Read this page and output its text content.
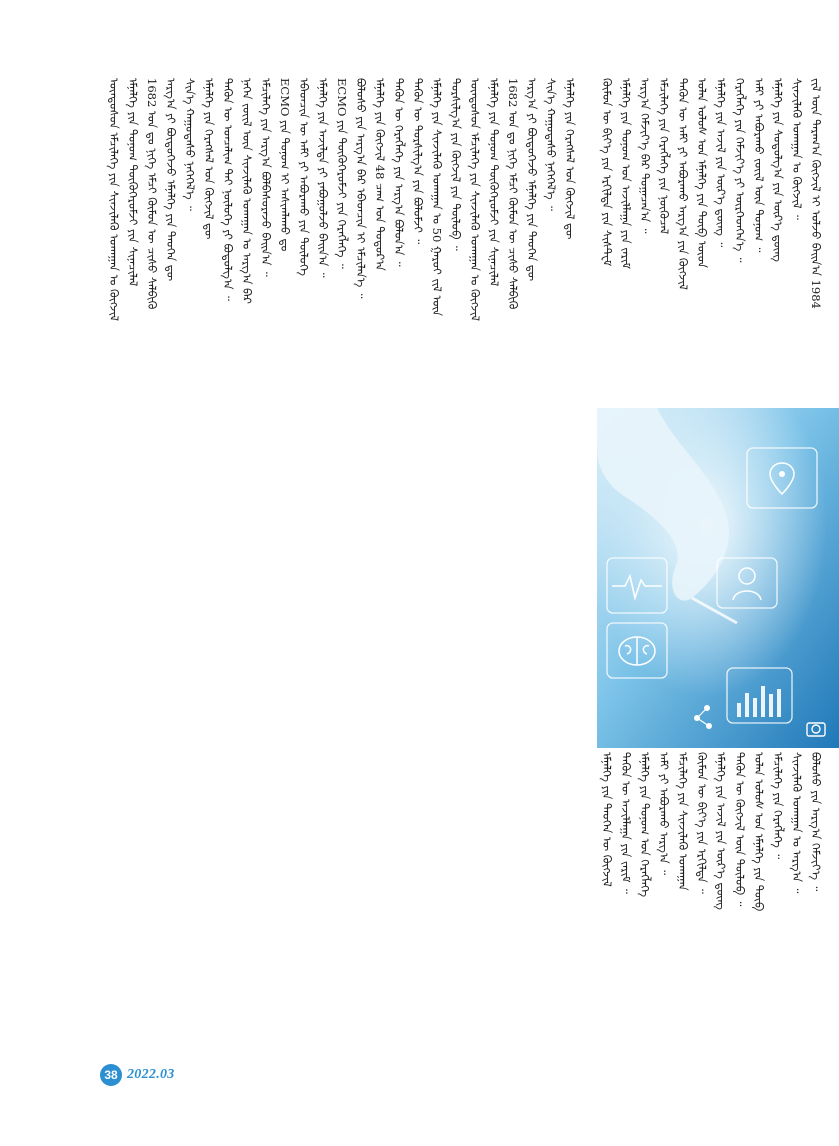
ᠦᠨᠳᠦᠰᠦᠨ ᠡᠮᠴᠢᠯᠡᠭᠡ ᠶᠢᠨ ᠰᠢᠨᠵᠢᠯᠡᠬᠦ ᠤᠬᠠᠭᠠᠨ ᠤ ᠬᠥᠭᠵᠢᠯ ᠡᠮᠨᠡᠯᠭᠡ ᠶᠢᠨ ᠲᠣᠨᠣᠭ ᠲᠥᠬᠦᠭᠡᠷᠦᠮᠵᠢ ᠶᠢᠨ ᠰᠢᠨᠡᠴᠢᠯᠡᠯ 1682 ᠣᠨ ᠳᠤ ᠨᠢᠭᠡ ᠡᠮᠴᠢ ᠬᠦᠮᠦᠨ ᠦ ᠴᠢᠰᠤ ᠰᠡᠯᠪᠢᠬᠦ ᠠᠷᠭ᠎ᠠ ᠶᠢ ᠪᠦᠲᠦᠭᠡᠵᠦ ᠡᠮᠨᠡᠯᠭᠡ ᠶᠢᠨ ᠲᠡᠦᠬᠡᠨ ᠳᠦ ᠰᠢᠨ᠎ᠡ ᠬᠠᠭᠤᠳᠠᠰᠤ ᠨᠡᠭᠡᠭᠡᠯ᠎ᠡ ᠃ ᠡᠮᠨᠡᠯᠭᠡ ᠶᠢᠨ ᠬᠡᠷᠡᠭᠰᠡᠯ ᠤᠨ ᠬᠥᠭᠵᠢᠯ ᠳᠦ ᠲᠡᠭᠦᠨ ᠦ ᠣᠨᠴᠠᠯᠢᠭ ᠲᠠᠢ ᠨᠥᠯᠦᠭᠡ ᠶᠢ ᠪᠣᠳᠣᠯᠭ᠎ᠠ ᠃ ᠨᠡᠭᠡᠨ ᠵᠦᠢᠯ ᠦᠨ ᠰᠢᠨᠵᠢᠯᠡᠬᠦ ᠤᠬᠠᠭᠠᠨ ᠤ ᠠᠷᠭ᠎ᠠ ᠪᠠᠷ ᠡᠮᠴᠢᠯᠡᠭᠡ ᠶᠢᠨ ᠠᠷᠭ᠎ᠠ ᠪᠣᠯᠪᠠᠰᠤᠷᠠᠵᠤ ᠪᠠᠢᠨ᠎ᠠ ᠃ ECMO ᠶᠢᠨ ᠲᠣᠨᠣᠭ ᠢ ᠠᠰᠢᠭᠯᠠᠬᠤ ᠳᠤ ᠡᠪᠡᠳᠴᠢᠨ ᠦ ᠠᠮᠢ ᠶᠢ ᠠᠪᠤᠷᠠᠬᠤ ᠶᠢᠨ ᠲᠥᠯᠦᠭᠡ ᠡᠮᠨᠡᠯᠭᠡ ᠶᠢᠨ ᠠᠵᠢᠯᠳᠠ ᠶᠢ ᠶᠠᠪᠤᠭᠤᠯᠵᠤ ᠪᠠᠢᠨ᠎ᠠ ᠃ ECMO ᠶᠢᠨ ᠲᠥᠬᠦᠭᠡᠷᠦᠮᠵᠢ ᠶᠢᠨ ᠬᠡᠷᠡᠭᠯᠡᠭᠡ ᠃ ᠪᠣᠯᠣᠰᠤ ᠶᠢᠨ ᠠᠷᠭ᠎ᠠ ᠪᠠᠷ ᠡᠪᠡᠳᠴᠢᠨ ᠢ ᠡᠮᠴᠢᠯᠡᠨ᠎ᠡ ᠃ ᠡᠮᠨᠡᠯᠭᠡ ᠶᠢᠨ ᠬᠥᠭᠵᠢᠯ 48 ᠴᠠᠭ ᠤᠨ ᠳᠣᠲᠣᠷ᠎ᠠ ᠲᠡᠭᠦᠨ ᠦ ᠬᠡᠷᠡᠭᠯᠡᠭᠡ ᠶᠢᠨ ᠠᠷᠭ᠎ᠠ ᠪᠣᠯᠣᠨ᠎ᠠ ᠃ ᠲᠡᠭᠦᠨ ᠦ ᠲᠤᠷᠰᠢᠯᠭ᠎ᠠ ᠶᠢᠨ ᠪᠣᠯᠣᠮᠵᠢ ᠃ ᠡᠮᠨᠡᠯᠭᠡ ᠶᠢᠨ ᠰᠢᠨᠵᠢᠯᠡᠬᠦ ᠤᠬᠠᠭᠠᠨ ᠤ 50 ᠭᠠᠷᠤᠢ ᠵᠢᠯ ᠦᠨ ᠲᠤᠷᠰᠢᠯᠭ᠎ᠠ ᠶᠢᠨ ᠬᠥᠭᠵᠢᠯ ᠶᠢᠨ ᠲᠥᠯᠦᠪ ᠃ ᠦᠨᠳᠦᠰᠦᠨ ᠡᠮᠴᠢᠯᠡᠭᠡ ᠶᠢᠨ ᠰᠢᠨᠵᠢᠯᠡᠬᠦ ᠤᠬᠠᠭᠠᠨ ᠤ ᠬᠥᠭᠵᠢᠯ ᠡᠮᠨᠡᠯᠭᠡ ᠶᠢᠨ ᠲᠣᠨᠣᠭ ᠲᠥᠬᠦᠭᠡᠷᠦᠮᠵᠢ ᠶᠢᠨ ᠰᠢᠨᠡᠴᠢᠯᠡᠯ 1682 ᠣᠨ ᠳᠤ ᠨᠢᠭᠡ ᠡᠮᠴᠢ ᠬᠦᠮᠦᠨ ᠦ ᠴᠢᠰᠤ ᠰᠡᠯᠪᠢᠬᠦ ᠠᠷᠭ᠎ᠠ ᠶᠢ ᠪᠦᠲᠦᠭᠡᠵᠦ ᠡᠮᠨᠡᠯᠭᠡ ᠶᠢᠨ ᠲᠡᠦᠬᠡᠨ ᠳᠦ ᠰᠢᠨ᠎ᠡ ᠬᠠᠭᠤᠳᠠᠰᠤ ᠨᠡᠭᠡᠭᠡᠯ᠎ᠡ ᠃ ᠡᠮᠨᠡᠯᠭᠡ ᠶᠢᠨ ᠬᠡᠷᠡᠭᠰᠡᠯ ᠤᠨ ᠬᠥᠭᠵᠢᠯ ᠳᠦ ᠬᠦᠮᠦᠨ ᠦ ᠪᠢᠶ᠎ᠡ ᠶᠢᠨ ᠡᠷᠭᠢᠯᠳᠡ ᠶᠢᠨ ᠰᠢᠰᠲ᠋ᠧᠮ ᠡᠮᠨᠡᠯᠭᠡ ᠶᠢᠨ ᠲᠣᠨᠣᠭ ᠤᠨ ᠠᠵᠢᠯᠯᠠᠭᠠ ᠶᠢᠨ ᠵᠠᠷᠢᠮ ᠠᠷᠭ᠎ᠠ ᠬᠡᠮᠵᠢᠶ᠎ᠡ ᠪᠡᠷ ᠲᠣᠭᠠᠴᠠᠨ᠎ᠠ ᠃ ᠡᠮᠴᠢᠯᠡᠭᠡ ᠶᠢᠨ ᠬᠡᠷᠡᠭᠯᠡᠭᠡ ᠶᠢᠨ ᠨᠥᠬᠥᠴᠡᠯ ᠲᠡᠭᠦᠨ ᠦ ᠠᠮᠢ ᠶᠢ ᠠᠪᠤᠷᠠᠬᠤ ᠠᠷᠭ᠎ᠠ ᠶᠢᠨ ᠬᠥᠭᠵᠢᠯ ᠣᠯᠠᠨ ᠤᠯᠤᠰ ᠤᠨ ᠡᠮᠨᠡᠯᠭᠡ ᠶᠢᠨ ᠲᠦᠪ ᠦᠳ ᠡᠮᠨᠡᠯᠭᠡ ᠶᠢᠨ ᠠᠵᠢᠯ ᠶᠢᠨ ᠦᠷ᠎ᠡ ᠳ᠋ᠦᠩ ᠃ ᠬᠡᠷᠡᠭᠯᠡᠭᠡ ᠶᠢᠨ ᠬᠡᠮᠵᠢᠶ᠎ᠡ ᠶᠢ ᠥᠷᠭᠡᠳᠬᠡᠨ᠎ᠡ ᠃ ᠠᠮᠢ ᠶᠢ ᠠᠪᠤᠷᠠᠬᠤ ᠵᠦᠢᠯ ᠦᠨ ᠲᠣᠨᠣᠭ ᠃ ᠡᠮᠨᠡᠯᠭᠡ ᠶᠢᠨ ᠰᠤᠳᠤᠯᠭ᠎ᠠ ᠶᠢᠨ ᠦᠷ᠎ᠡ ᠳ᠋ᠦᠩ ᠰᠢᠨᠵᠢᠯᠡᠬᠦ ᠤᠬᠠᠭᠠᠨ ᠤ ᠬᠥᠭᠵᠢᠯ ᠃ ᠵᠢᠯ ᠦᠨ ᠳᠠᠷᠠᠭ᠎ᠠ ᠬᠥᠭᠵᠢᠯ ᠢ ᠣᠯᠵᠤ ᠪᠠᠢᠨ᠎ᠠ 1984
ᠡᠮᠨᠡᠯᠭᠡ ᠶᠢᠨ ᠲᠡᠦᠬᠡᠨ ᠦ ᠬᠥᠭᠵᠢᠯ ᠲᠡᠭᠦᠨ ᠦ ᠠᠵᠢᠯᠯᠠᠭᠠ ᠶᠢᠨ ᠵᠠᠷᠢᠮ ᠃ ᠡᠮᠨᠡᠯᠭᠡ ᠶᠢᠨ ᠲᠣᠨᠣᠭ ᠤᠨ ᠬᠡᠷᠡᠭᠯᠡᠭᠡ ᠠᠮᠢ ᠶᠢ ᠠᠪᠤᠷᠠᠬᠤ ᠠᠷᠭ᠎ᠠ ᠃ ᠡᠮᠴᠢᠯᠡᠭᠡ ᠶᠢᠨ ᠰᠢᠨᠵᠢᠯᠡᠬᠦ ᠤᠬᠠᠭᠠᠨ ᠬᠦᠮᠦᠨ ᠦ ᠪᠢᠶ᠎ᠡ ᠶᠢᠨ ᠡᠷᠭᠢᠯᠳᠡ ᠃ ᠡᠮᠨᠡᠯᠭᠡ ᠶᠢᠨ ᠠᠵᠢᠯ ᠶᠢᠨ ᠦᠷ᠎ᠡ ᠳ᠋ᠦᠩ ᠲᠡᠭᠦᠨ ᠦ ᠬᠥᠭᠵᠢᠯ ᠦᠨ ᠲᠥᠯᠦᠪ ᠃ ᠣᠯᠠᠨ ᠤᠯᠤᠰ ᠤᠨ ᠡᠮᠨᠡᠯᠭᠡ ᠶᠢᠨ ᠲᠦᠪ ᠡᠮᠴᠢᠯᠡᠭᠡ ᠶᠢᠨ ᠬᠡᠷᠡᠭᠯᠡᠭᠡ ᠃ ᠰᠢᠨᠵᠢᠯᠡᠬᠦ ᠤᠬᠠᠭᠠᠨ ᠤ ᠠᠷᠭ᠎ᠠ ᠃ ᠪᠣᠯᠣᠰᠤ ᠶᠢᠨ ᠠᠷᠭ᠎ᠠ ᠬᠡᠮᠵᠢᠶ᠎ᠡ ᠃
38 2022.03
